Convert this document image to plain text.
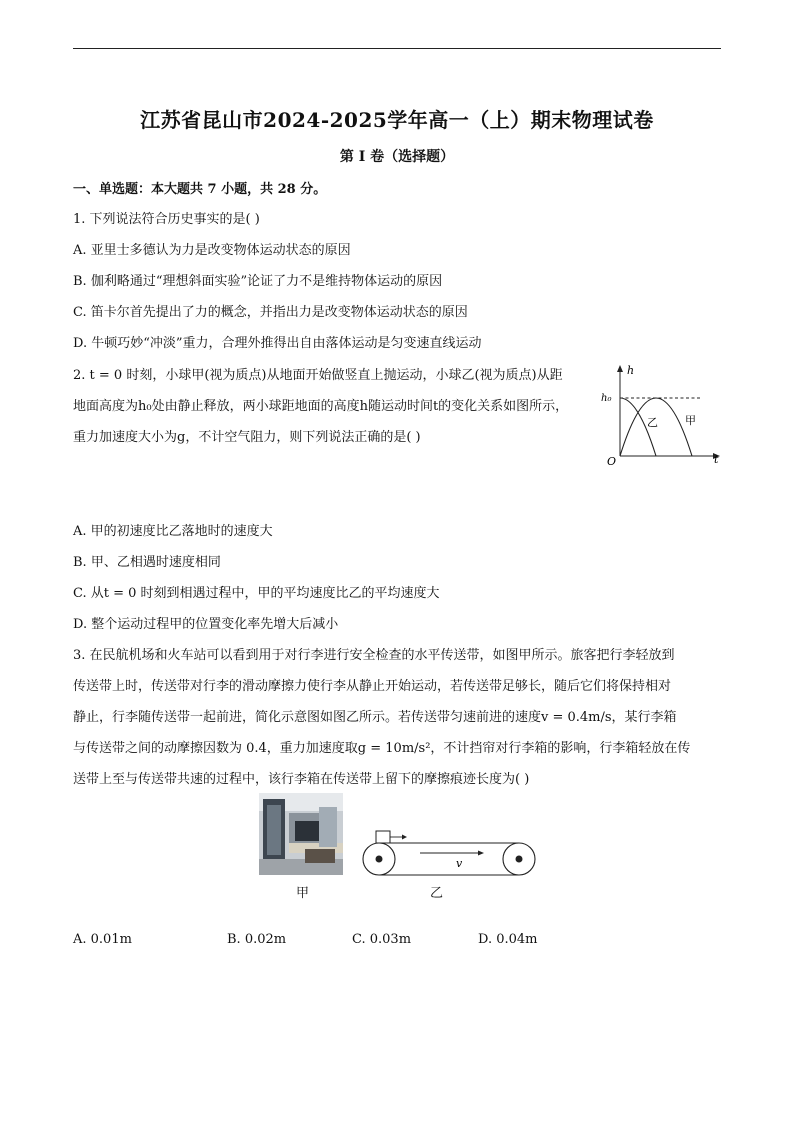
江苏省昆山市2024-2025学年高一（上）期末物理试卷
第 I 卷（选择题）
一、单选题：本大题共 7 小题，共 28 分。
1. 下列说法符合历史事实的是( )
A. 亚里士多德认为力是改变物体运动状态的原因
B. 伽利略通过“理想斜面实验”论证了力不是维持物体运动的原因
C. 笛卡尔首先提出了力的概念，并指出力是改变物体运动状态的原因
D. 牛顿巧妙“冲淡”重力，合理外推得出自由落体运动是匀变速直线运动
2. t = 0 时刻，小球甲(视为质点)从地面开始做竖直上抛运动，小球乙(视为质点)从距
地面高度为h₀处由静止释放，两小球距地面的高度h随运动时间t的变化关系如图所示，
重力加速度大小为g，不计空气阻力，则下列说法正确的是( )
h
h₀
乙 甲
O	t
A. 甲的初速度比乙落地时的速度大
B. 甲、乙相遇时速度相同
C. 从t = 0 时刻到相遇过程中，甲的平均速度比乙的平均速度大
D. 整个运动过程甲的位置变化率先增大后减小
3. 在民航机场和火车站可以看到用于对行李进行安全检查的水平传送带，如图甲所示。旅客把行李轻放到
传送带上时，传送带对行李的滑动摩擦力使行李从静止开始运动，若传送带足够长，随后它们将保持相对
静止，行李随传送带一起前进，简化示意图如图乙所示。若传送带匀速前进的速度v = 0.4m/s，某行李箱
与传送带之间的动摩擦因数为 0.4，重力加速度取g = 10m/s²，不计挡帘对行李箱的影响，行李箱轻放在传
送带上至与传送带共速的过程中，该行李箱在传送带上留下的摩擦痕迹长度为( )
甲
v
乙
A. 0.01m	B. 0.02m	C. 0.03m	D. 0.04m
